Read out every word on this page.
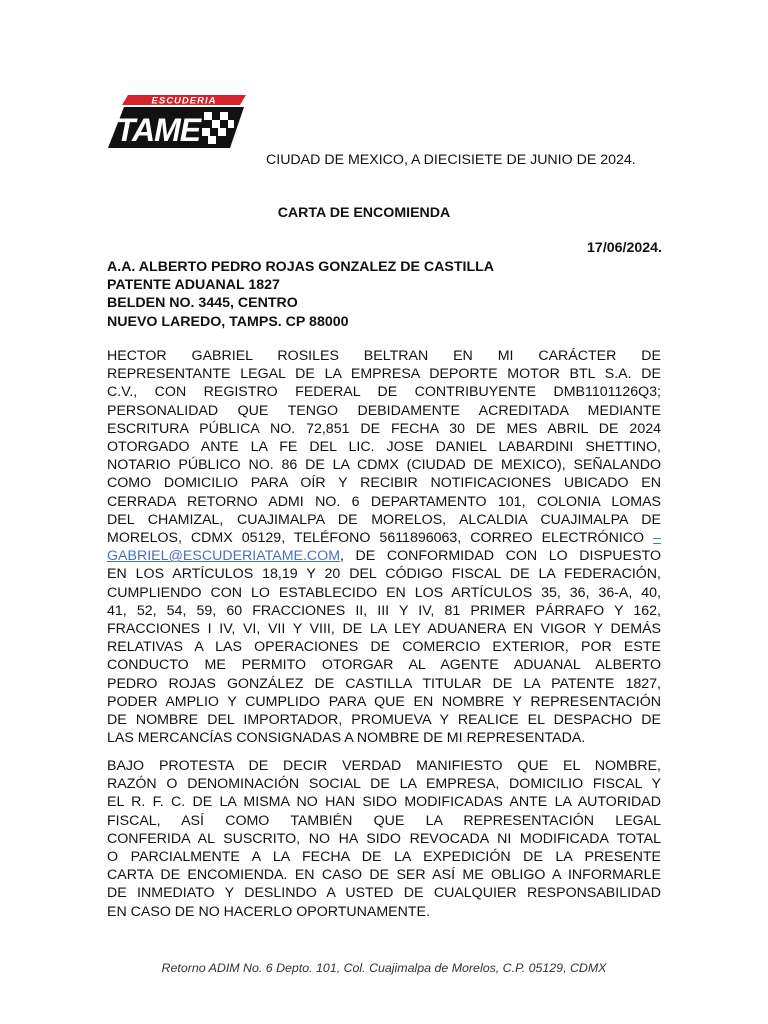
ESCUDERIA
TAME
CIUDAD DE MEXICO, A DIECISIETE DE JUNIO DE 2024.
CARTA DE ENCOMIENDA
17/06/2024.
A.A. ALBERTO PEDRO ROJAS GONZALEZ DE CASTILLA
PATENTE ADUANAL 1827
BELDEN NO. 3445, CENTRO
NUEVO LAREDO, TAMPS. CP 88000
HECTOR GABRIEL ROSILES BELTRAN EN MI CARÁCTER DE
REPRESENTANTE LEGAL DE LA EMPRESA DEPORTE MOTOR BTL S.A. DE
C.V., CON REGISTRO FEDERAL DE CONTRIBUYENTE DMB1101126Q3;
PERSONALIDAD QUE TENGO DEBIDAMENTE ACREDITADA MEDIANTE
ESCRITURA PÚBLICA NO. 72,851 DE FECHA 30 DE MES ABRIL DE 2024
OTORGADO ANTE LA FE DEL LIC. JOSE DANIEL LABARDINI SHETTINO,
NOTARIO PÚBLICO NO. 86 DE LA CDMX (CIUDAD DE MEXICO), SEÑALANDO
COMO DOMICILIO PARA OÍR Y RECIBIR NOTIFICACIONES UBICADO EN
CERRADA RETORNO ADMI NO. 6 DEPARTAMENTO 101, COLONIA LOMAS
DEL CHAMIZAL, CUAJIMALPA DE MORELOS, ALCALDIA CUAJIMALPA DE
MORELOS, CDMX 05129, TELÉFONO 5611896063, CORREO ELECTRÓNICO –
GABRIEL@ESCUDERIATAME.COM, DE CONFORMIDAD CON LO DISPUESTO
EN LOS ARTÍCULOS 18,19 Y 20 DEL CÓDIGO FISCAL DE LA FEDERACIÓN,
CUMPLIENDO CON LO ESTABLECIDO EN LOS ARTÍCULOS 35, 36, 36-A, 40,
41, 52, 54, 59, 60 FRACCIONES II, III Y IV, 81 PRIMER PÁRRAFO Y 162,
FRACCIONES I IV, VI, VII Y VIII, DE LA LEY ADUANERA EN VIGOR Y DEMÁS
RELATIVAS A LAS OPERACIONES DE COMERCIO EXTERIOR, POR ESTE
CONDUCTO ME PERMITO OTORGAR AL AGENTE ADUANAL ALBERTO
PEDRO ROJAS GONZÁLEZ DE CASTILLA TITULAR DE LA PATENTE 1827,
PODER AMPLIO Y CUMPLIDO PARA QUE EN NOMBRE Y REPRESENTACIÓN
DE NOMBRE DEL IMPORTADOR, PROMUEVA Y REALICE EL DESPACHO DE
LAS MERCANCÍAS CONSIGNADAS A NOMBRE DE MI REPRESENTADA.
BAJO PROTESTA DE DECIR VERDAD MANIFIESTO QUE EL NOMBRE,
RAZÓN O DENOMINACIÓN SOCIAL DE LA EMPRESA, DOMICILIO FISCAL Y
EL R. F. C. DE LA MISMA NO HAN SIDO MODIFICADAS ANTE LA AUTORIDAD
FISCAL, ASÍ COMO TAMBIÉN QUE LA REPRESENTACIÓN LEGAL
CONFERIDA AL SUSCRITO, NO HA SIDO REVOCADA NI MODIFICADA TOTAL
O PARCIALMENTE A LA FECHA DE LA EXPEDICIÓN DE LA PRESENTE
CARTA DE ENCOMIENDA. EN CASO DE SER ASÍ ME OBLIGO A INFORMARLE
DE INMEDIATO Y DESLINDO A USTED DE CUALQUIER RESPONSABILIDAD
EN CASO DE NO HACERLO OPORTUNAMENTE.
Retorno ADIM No. 6 Depto. 101, Col. Cuajimalpa de Morelos, C.P. 05129, CDMX
